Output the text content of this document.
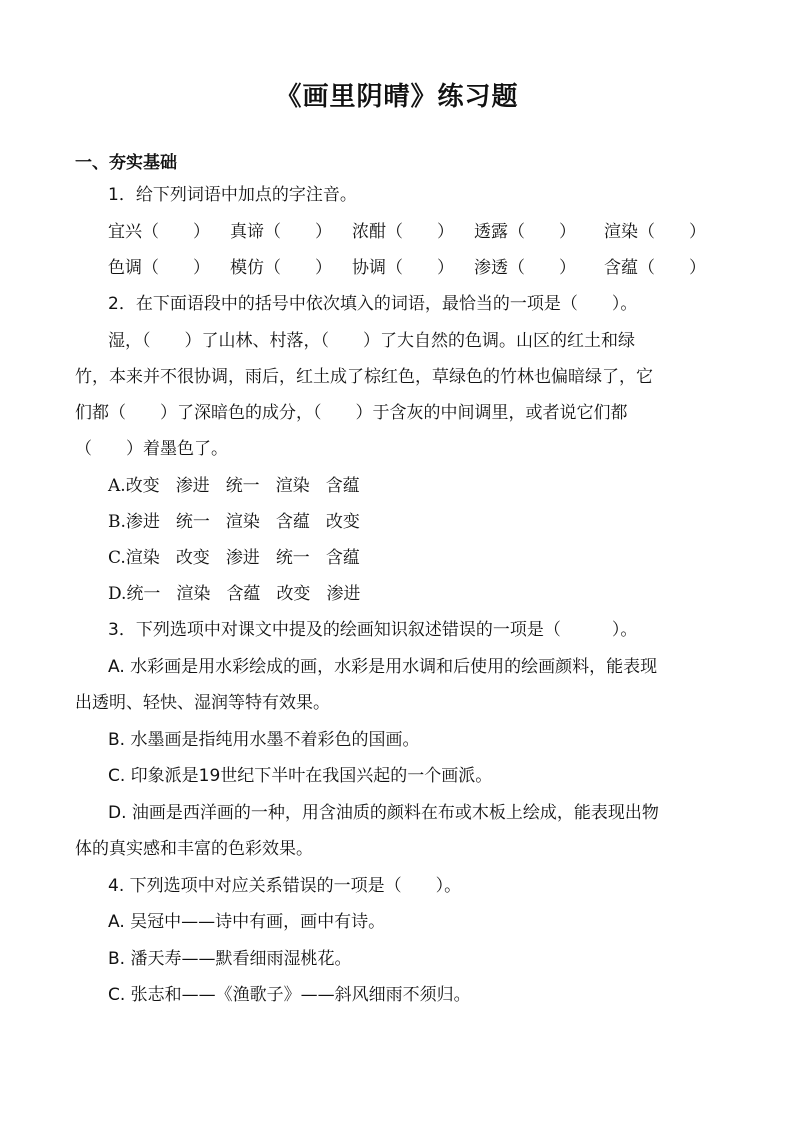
《画里阴晴》练习题
一、夯实基础
1．给下列词语中加点的字注音。
宜兴（　　） 真谛（　　） 浓酣（　　） 透露（　　） 渲染（　　）
色调（　　） 模仿（　　） 协调（　　） 渗透（　　） 含蕴（　　）
2．在下面语段中的括号中依次填入的词语，最恰当的一项是（　　）。
湿，（　　）了山林、村落，（　　）了大自然的色调。山区的红土和绿
竹，本来并不很协调，雨后，红土成了棕红色，草绿色的竹林也偏暗绿了，它
们都（　　）了深暗色的成分，（　　）于含灰的中间调里，或者说它们都
（　　）着墨色了。
A.改变 渗进 统一 渲染 含蕴
B.渗进 统一 渲染 含蕴 改变
C.渲染 改变 渗进 统一 含蕴
D.统一 渲染 含蕴 改变 渗进
3．下列选项中对课文中提及的绘画知识叙述错误的一项是（　　　）。
A. 水彩画是用水彩绘成的画，水彩是用水调和后使用的绘画颜料，能表现
出透明、轻快、湿润等特有效果。
B. 水墨画是指纯用水墨不着彩色的国画。
C. 印象派是19世纪下半叶在我国兴起的一个画派。
D. 油画是西洋画的一种，用含油质的颜料在布或木板上绘成，能表现出物
体的真实感和丰富的色彩效果。
4. 下列选项中对应关系错误的一项是（　　）。
A. 吴冠中——诗中有画，画中有诗。
B. 潘天寿——默看细雨湿桃花。
C. 张志和——《渔歌子》——斜风细雨不须归。
